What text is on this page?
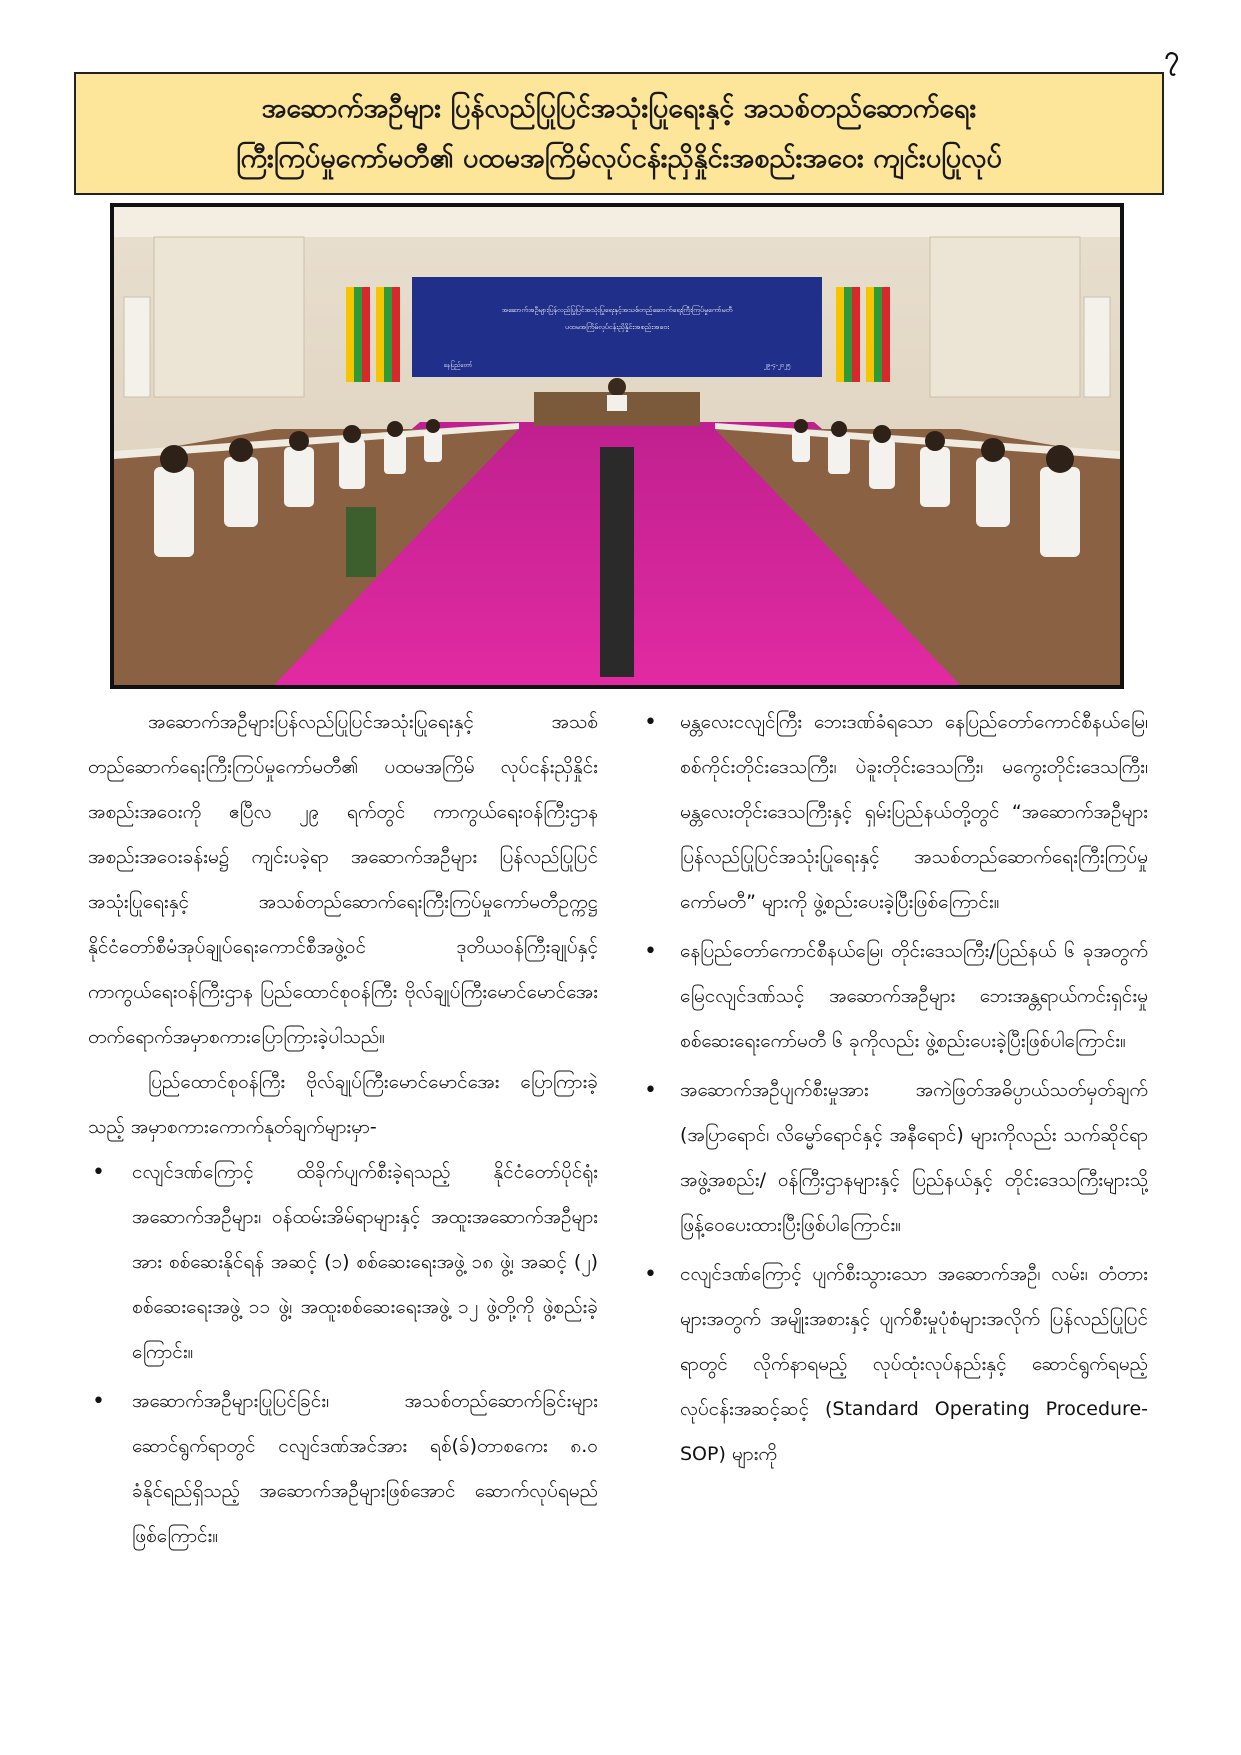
၇
အဆောက်အဦများ ပြန်လည်ပြုပြင်အသုံးပြုရေးနှင့် အသစ်တည်ဆောက်ရေး
ကြီးကြပ်မှုကော်မတီ၏ ပထမအကြိမ်လုပ်ငန်းညှိနှိုင်းအစည်းအဝေး ကျင်းပပြုလုပ်
အဆောက်အဦများပြန်လည်ပြုပြင်အသုံးပြုရေးနှင့်အသစ်တည်ဆောက်ရေးကြီးကြပ်မှုကော်မတီ
ပထမအကြိမ်လုပ်ငန်းညှိနှိုင်းအစည်းအဝေး
နေပြည်တော်	၂၉-၄-၂၀၂၅

အဆောက်အဦများပြန်လည်ပြုပြင်အသုံးပြုရေးနှင့် အသစ်တည်ဆောက်ရေးကြီးကြပ်မှုကော်မတီ၏ ပထမအကြိမ် လုပ်ငန်းညှိနှိုင်းအစည်းအဝေးကို ဧပြီလ ၂၉ ရက်တွင် ကာကွယ်ရေးဝန်ကြီးဌာနအစည်းအဝေးခန်းမ၌ ကျင်းပခဲ့ရာ အဆောက်အဦများ ပြန်လည်ပြုပြင်အသုံးပြုရေးနှင့် အသစ်တည်ဆောက်ရေးကြီးကြပ်မှုကော်မတီဥက္ကဋ္ဌ နိုင်ငံတော်စီမံအုပ်ချုပ်ရေးကောင်စီအဖွဲ့ဝင် ဒုတိယဝန်ကြီးချုပ်နှင့် ကာကွယ်ရေးဝန်ကြီးဌာန ပြည်ထောင်စုဝန်ကြီး ဗိုလ်ချုပ်ကြီးမောင်မောင်အေး တက်ရောက်အမှာစကားပြောကြားခဲ့ပါသည်။

ပြည်ထောင်စုဝန်ကြီး ဗိုလ်ချုပ်ကြီးမောင်မောင်အေး ပြောကြားခဲ့သည့် အမှာစကားကောက်နုတ်ချက်များမှာ-

• ငလျင်ဒဏ်ကြောင့် ထိခိုက်ပျက်စီးခဲ့ရသည့် နိုင်ငံတော်ပိုင်ရုံးအဆောက်အဦများ၊ ဝန်ထမ်းအိမ်ရာများနှင့် အထူးအဆောက်အဦများအား စစ်ဆေးနိုင်ရန် အဆင့် (၁) စစ်ဆေးရေးအဖွဲ့ ၁၈ ဖွဲ့၊ အဆင့် (၂) စစ်ဆေးရေးအဖွဲ့ ၁၁ ဖွဲ့၊ အထူးစစ်ဆေးရေးအဖွဲ့ ၁၂ ဖွဲ့တို့ကို ဖွဲ့စည်းခဲ့ကြောင်း။
• အဆောက်အဦများပြုပြင်ခြင်း၊ အသစ်တည်ဆောက်ခြင်းများဆောင်ရွက်ရာတွင် ငလျင်ဒဏ်အင်အား ရစ်(ခ်)တာစကေး ၈.၀ ခံနိုင်ရည်ရှိသည့် အဆောက်အဦများဖြစ်အောင် ဆောက်လုပ်ရမည်ဖြစ်ကြောင်း။
• မန္တလေးငလျင်ကြီး ဘေးဒဏ်ခံရသော နေပြည်တော်ကောင်စီနယ်မြေ၊ စစ်ကိုင်းတိုင်းဒေသကြီး၊ ပဲခူးတိုင်းဒေသကြီး၊ မကွေးတိုင်းဒေသကြီး၊ မန္တလေးတိုင်းဒေသကြီးနှင့် ရှမ်းပြည်နယ်တို့တွင် “အဆောက်အဦများ ပြန်လည်ပြုပြင်အသုံးပြုရေးနှင့် အသစ်တည်ဆောက်ရေးကြီးကြပ်မှုကော်မတီ” များကို ဖွဲ့စည်းပေးခဲ့ပြီးဖြစ်ကြောင်း။
• နေပြည်တော်ကောင်စီနယ်မြေ၊ တိုင်းဒေသကြီး/ပြည်နယ် ၆ ခုအတွက် မြေငလျင်ဒဏ်သင့် အဆောက်အဦများ ဘေးအန္တရာယ်ကင်းရှင်းမှု စစ်ဆေးရေးကော်မတီ ၆ ခုကိုလည်း ဖွဲ့စည်းပေးခဲ့ပြီးဖြစ်ပါကြောင်း။
• အဆောက်အဦပျက်စီးမှုအား အကဲဖြတ်အဓိပ္ပာယ်သတ်မှတ်ချက် (အပြာရောင်၊ လိမ္မော်ရောင်နှင့် အနီရောင်) များကိုလည်း သက်ဆိုင်ရာအဖွဲ့အစည်း/ ဝန်ကြီးဌာနများနှင့် ပြည်နယ်နှင့် တိုင်းဒေသကြီးများသို့ ဖြန့်ဝေပေးထားပြီးဖြစ်ပါကြောင်း။
• ငလျင်ဒဏ်ကြောင့် ပျက်စီးသွားသော အဆောက်အဦ၊ လမ်း၊ တံတားများအတွက် အမျိုးအစားနှင့် ပျက်စီးမှုပုံစံများအလိုက် ပြန်လည်ပြုပြင်ရာတွင် လိုက်နာရမည့် လုပ်ထုံးလုပ်နည်းနှင့် ဆောင်ရွက်ရမည့် လုပ်ငန်းအဆင့်ဆင့် (Standard Operating Procedure-SOP) များကို
